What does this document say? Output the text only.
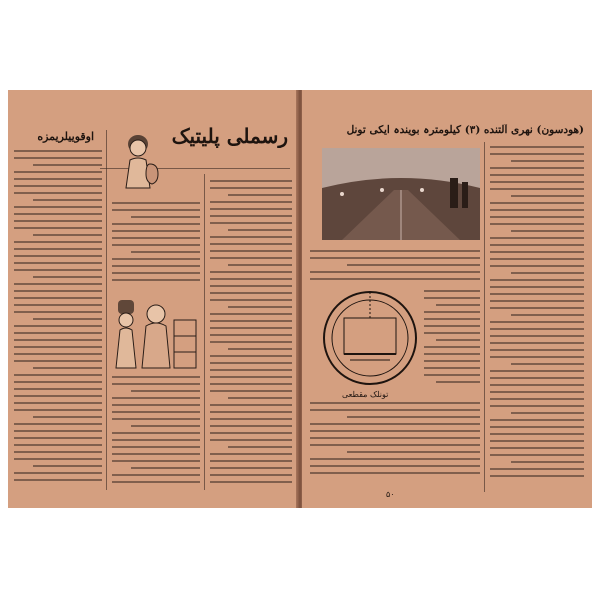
اوقوییلریمزه	رسملی پلیتیک	(هودسون) نهری آلتنده (۳) کیلومترہ بویندہ ایکی تونل
تونلک مقطعی
۵۰
